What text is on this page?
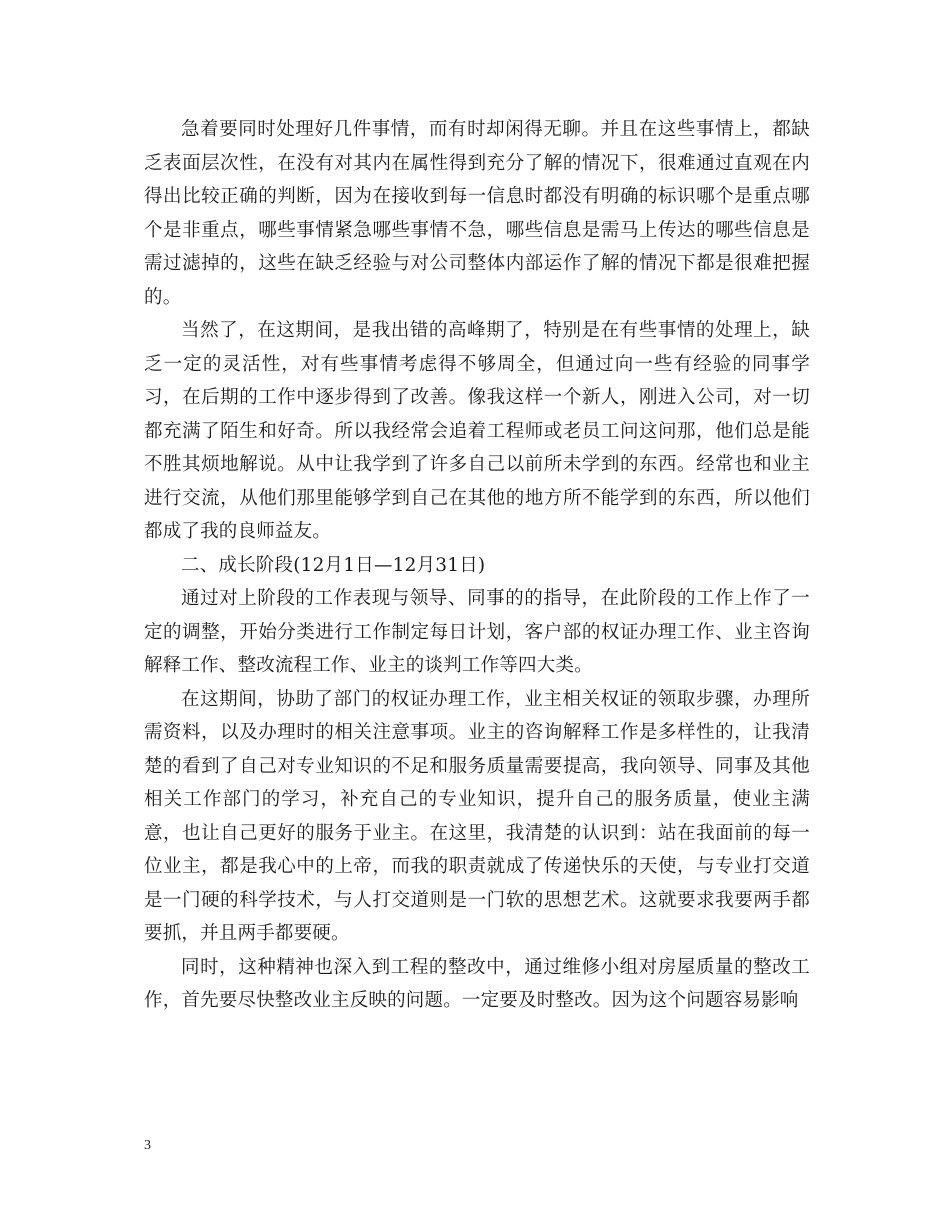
急着要同时处理好几件事情，而有时却闲得无聊。并且在这些事情上，都缺乏表面层次性，在没有对其内在属性得到充分了解的情况下，很难通过直观在内得出比较正确的判断，因为在接收到每一信息时都没有明确的标识哪个是重点哪个是非重点，哪些事情紧急哪些事情不急，哪些信息是需马上传达的哪些信息是需过滤掉的，这些在缺乏经验与对公司整体内部运作了解的情况下都是很难把握的。

当然了，在这期间，是我出错的高峰期了，特别是在有些事情的处理上，缺乏一定的灵活性，对有些事情考虑得不够周全，但通过向一些有经验的同事学习，在后期的工作中逐步得到了改善。像我这样一个新人，刚进入公司，对一切都充满了陌生和好奇。所以我经常会追着工程师或老员工问这问那，他们总是能不胜其烦地解说。从中让我学到了许多自己以前所未学到的东西。经常也和业主进行交流，从他们那里能够学到自己在其他的地方所不能学到的东西，所以他们都成了我的良师益友。

二、成长阶段(12月1日—12月31日)

通过对上阶段的工作表现与领导、同事的的指导，在此阶段的工作上作了一定的调整，开始分类进行工作制定每日计划，客户部的权证办理工作、业主咨询解释工作、整改流程工作、业主的谈判工作等四大类。

在这期间，协助了部门的权证办理工作，业主相关权证的领取步骤，办理所需资料，以及办理时的相关注意事项。业主的咨询解释工作是多样性的，让我清楚的看到了自己对专业知识的不足和服务质量需要提高，我向领导、同事及其他相关工作部门的学习，补充自己的专业知识，提升自己的服务质量，使业主满意，也让自己更好的服务于业主。在这里，我清楚的认识到：站在我面前的每一位业主，都是我心中的上帝，而我的职责就成了传递快乐的天使，与专业打交道是一门硬的科学技术，与人打交道则是一门软的思想艺术。这就要求我要两手都要抓，并且两手都要硬。

同时，这种精神也深入到工程的整改中，通过维修小组对房屋质量的整改工作，首先要尽快整改业主反映的问题。一定要及时整改。因为这个问题容易影响

3
